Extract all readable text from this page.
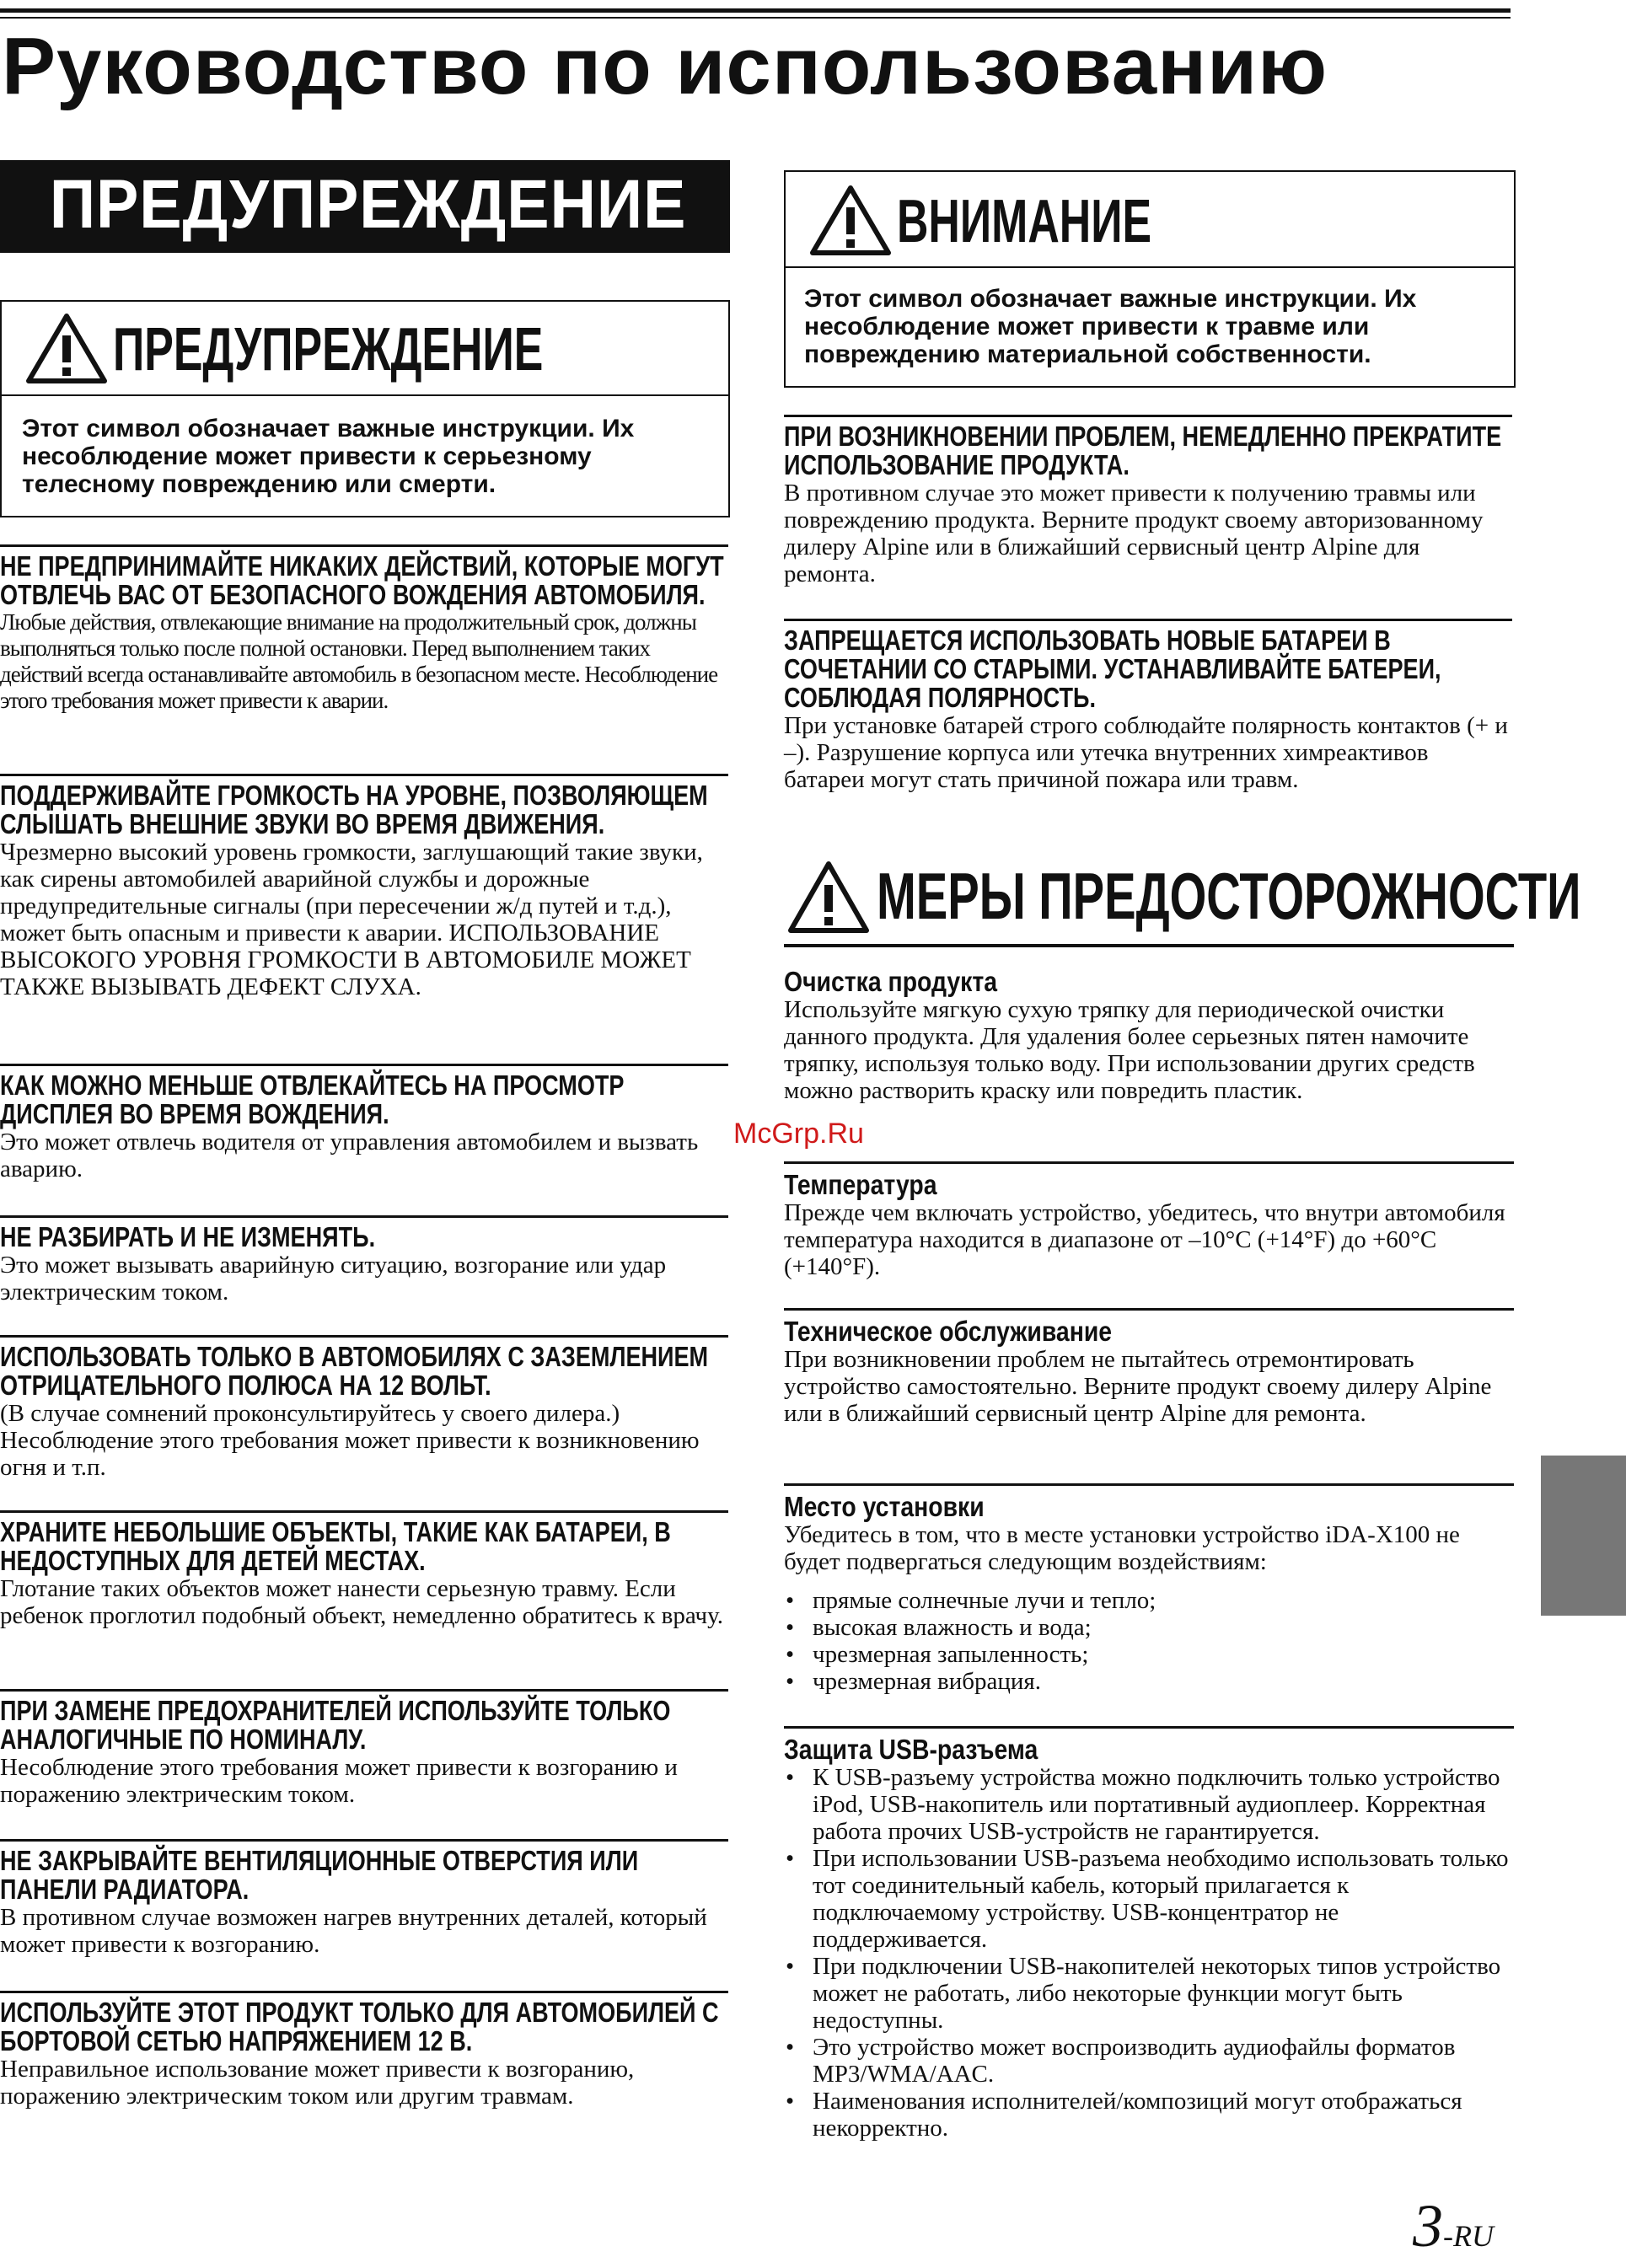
Руководство по использованию
ПРЕДУПРЕЖДЕНИЕ
ПРЕДУПРЕЖДЕНИЕ
Этот символ обозначает важные инструкции. Их несоблюдение может привести к серьезному телесному повреждению или смерти.
НЕ ПРЕДПРИНИМАЙТЕ НИКАКИХ ДЕЙСТВИЙ, КОТОРЫЕ МОГУТ ОТВЛЕЧЬ ВАС ОТ БЕЗОПАСНОГО ВОЖДЕНИЯ АВТОМОБИЛЯ.

Любые действия, отвлекающие внимание на продолжительный срок, должны выполняться только после полной остановки. Перед выполнением таких действий всегда останавливайте автомобиль в безопасном месте. Несоблюдение этого требования может привести к аварии.

ПОДДЕРЖИВАЙТЕ ГРОМКОСТЬ НА УРОВНЕ, ПОЗВОЛЯЮЩЕМ СЛЫШАТЬ ВНЕШНИЕ ЗВУКИ ВО ВРЕМЯ ДВИЖЕНИЯ.

Чрезмерно высокий уровень громкости, заглушающий такие звуки, как сирены автомобилей аварийной службы и дорожные предупредительные сигналы (при пересечении ж/д путей и т.д.), может быть опасным и привести к аварии. ИСПОЛЬЗОВАНИЕ ВЫСОКОГО УРОВНЯ ГРОМКОСТИ В АВТОМОБИЛЕ МОЖЕТ ТАКЖЕ ВЫЗЫВАТЬ ДЕФЕКТ СЛУХА.

КАК МОЖНО МЕНЬШЕ ОТВЛЕКАЙТЕСЬ НА ПРОСМОТР ДИСПЛЕЯ ВО ВРЕМЯ ВОЖДЕНИЯ.

Это может отвлечь водителя от управления автомобилем и вызвать аварию.

НЕ РАЗБИРАТЬ И НЕ ИЗМЕНЯТЬ.

Это может вызывать аварийную ситуацию, возгорание или удар электрическим током.

ИСПОЛЬЗОВАТЬ ТОЛЬКО В АВТОМОБИЛЯХ С ЗАЗЕМЛЕНИЕМ ОТРИЦАТЕЛЬНОГО ПОЛЮСА НА 12 ВОЛЬТ.

(В случае сомнений проконсультируйтесь у своего дилера.) Несоблюдение этого требования может привести к возникновению огня и т.п.

ХРАНИТЕ НЕБОЛЬШИЕ ОБЪЕКТЫ, ТАКИЕ КАК БАТАРЕИ, В НЕДОСТУПНЫХ ДЛЯ ДЕТЕЙ МЕСТАХ.

Глотание таких объектов может нанести серьезную травму. Если ребенок проглотил подобный объект, немедленно обратитесь к врачу.

ПРИ ЗАМЕНЕ ПРЕДОХРАНИТЕЛЕЙ ИСПОЛЬЗУЙТЕ ТОЛЬКО АНАЛОГИЧНЫЕ ПО НОМИНАЛУ.

Несоблюдение этого требования может привести к возгоранию и поражению электрическим током.

НЕ ЗАКРЫВАЙТЕ ВЕНТИЛЯЦИОННЫЕ ОТВЕРСТИЯ ИЛИ ПАНЕЛИ РАДИАТОРА.

В противном случае возможен нагрев внутренних деталей, который может привести к возгоранию.

ИСПОЛЬЗУЙТЕ ЭТОТ ПРОДУКТ ТОЛЬКО ДЛЯ АВТОМОБИЛЕЙ С БОРТОВОЙ СЕТЬЮ НАПРЯЖЕНИЕМ 12 В.

Неправильное использование может привести к возгоранию, поражению электрическим током или другим травмам.

ВНИМАНИЕ
Этот символ обозначает важные инструкции. Их несоблюдение может привести к травме или повреждению материальной собственности.
ПРИ ВОЗНИКНОВЕНИИ ПРОБЛЕМ, НЕМЕДЛЕННО ПРЕКРАТИТЕ ИСПОЛЬЗОВАНИЕ ПРОДУКТА.

В противном случае это может привести к получению травмы или повреждению продукта. Верните продукт своему авторизованному дилеру Alpine или в ближайший сервисный центр Alpine для ремонта.

ЗАПРЕЩАЕТСЯ ИСПОЛЬЗОВАТЬ НОВЫЕ БАТАРЕИ В СОЧЕТАНИИ СО СТАРЫМИ. УСТАНАВЛИВАЙТЕ БАТЕРЕИ, СОБЛЮДАЯ ПОЛЯРНОСТЬ.

При установке батарей строго соблюдайте полярность контактов (+ и –). Разрушение корпуса или утечка внутренних химреактивов батареи могут стать причиной пожара или травм.

МЕРЫ ПРЕДОСТОРОЖНОСТИ
Очистка продукта

Используйте мягкую сухую тряпку для периодической очистки данного продукта. Для удаления более серьезных пятен намочите тряпку, используя только воду. При использовании других средств можно растворить краску или повредить пластик.

Температура

Прежде чем включать устройство, убедитесь, что внутри автомобиля температура находится в диапазоне от –10°C (+14°F) до +60°C (+140°F).

Техническое обслуживание

При возникновении проблем не пытайтесь отремонтировать устройство самостоятельно. Верните продукт своему дилеру Alpine или в ближайший сервисный центр Alpine для ремонта.

Место установки

Убедитесь в том, что в месте установки устройство iDA-X100 не будет подвергаться следующим воздействиям:

• прямые солнечные лучи и тепло;
• высокая влажность и вода;
• чрезмерная запыленность;
• чрезмерная вибрация.
Защита USB-разъема
• К USB-разъему устройства можно подключить только устройство iPod, USB-накопитель или портативный аудиоплеер. Корректная работа прочих USB-устройств не гарантируется.
• При использовании USB-разъема необходимо использовать только тот соединительный кабель, который прилагается к подключаемому устройству. USB-концентратор не поддерживается.
• При подключении USB-накопителей некоторых типов устройство может не работать, либо некоторые функции могут быть недоступны.
• Это устройство может воспроизводить аудиофайлы форматов MP3/WMA/AAC.
• Наименования исполнителей/композиций могут отображаться некорректно.
McGrp.Ru
3-RU
